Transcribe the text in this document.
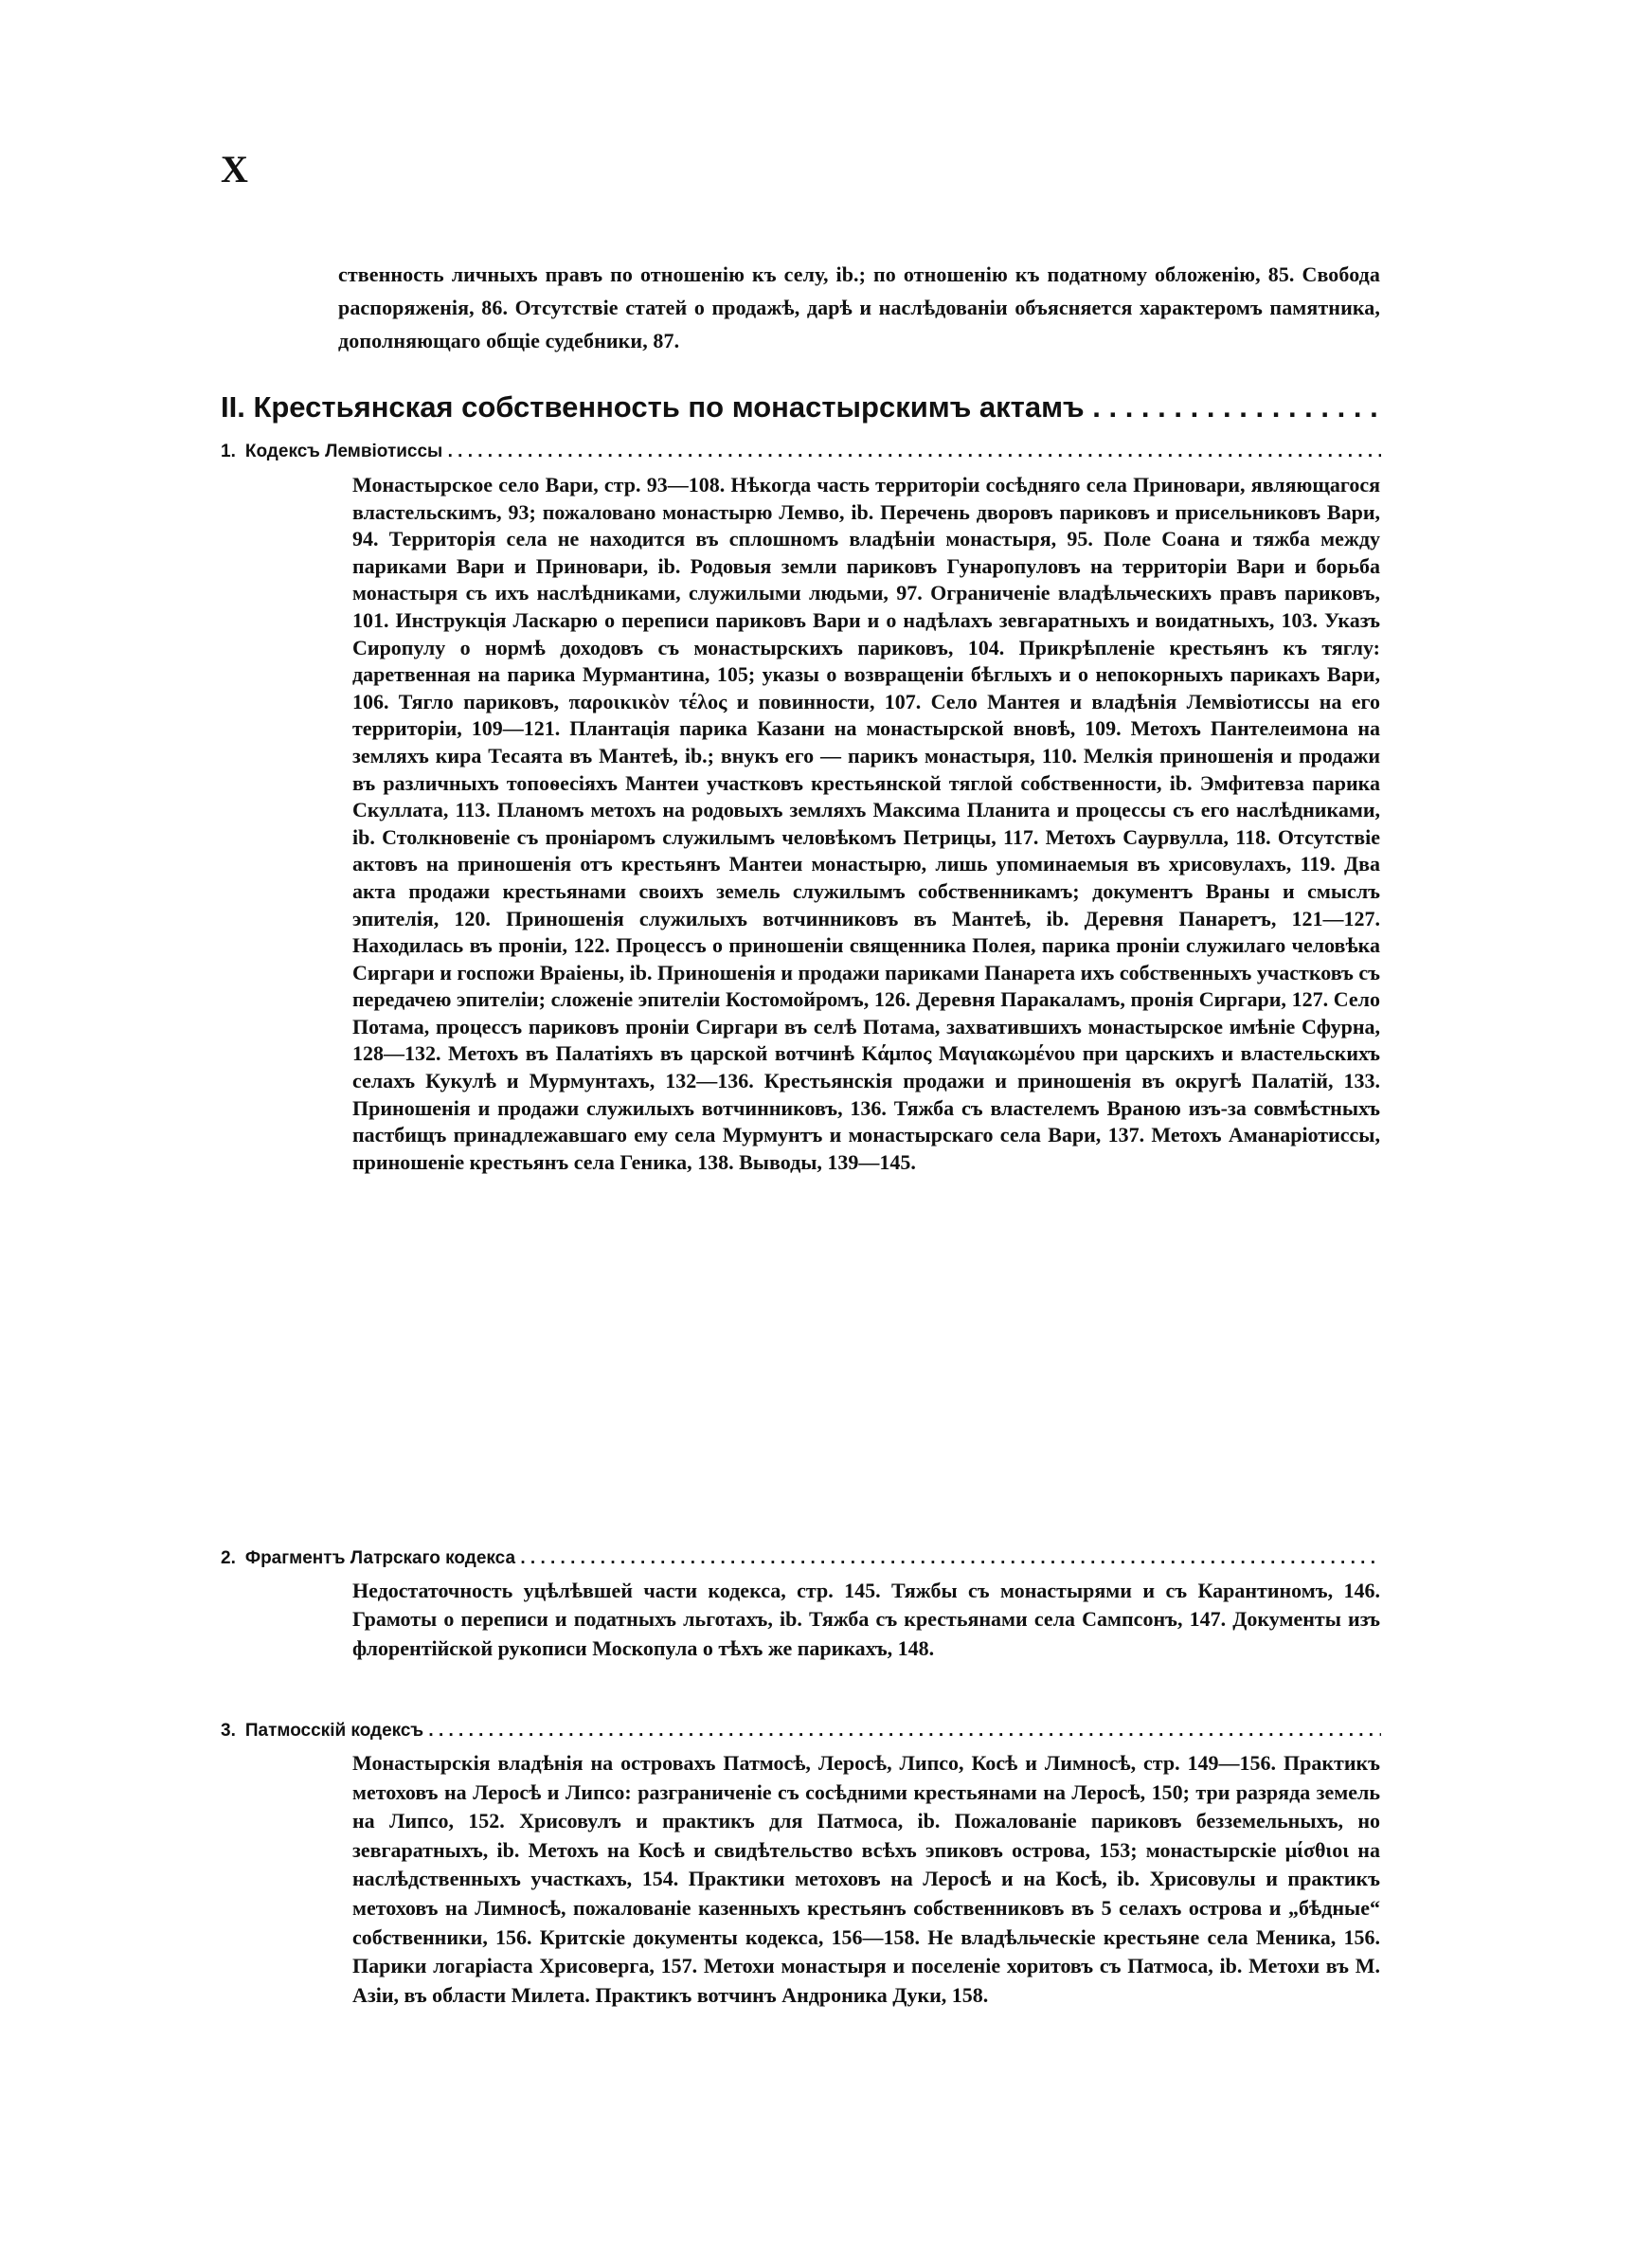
X

ственность личныхъ правъ по отношенію къ селу, ib.; по отношенію къ податному обложенію, 85. Свобода распоряженія, 86. Отсутствіе статей о продажѣ, дарѣ и наслѣдованіи объясняется характеромъ памятника, дополняющаго общіе судебники, 87.

II. Крестьянская собственность по монастырскимъ актамъ . . .
1. Кодексъ Лемвіотиссы . . .

Монастырское село Вари, стр. 93—108. Нѣкогда часть территоріи сосѣдняго села Приновари, являющагося властельскимъ, 93; пожаловано монастырю Лемво, ib. Перечень дворовъ париковъ и присельниковъ Вари, 94. Территорія села не находится въ сплошномъ владѣніи монастыря, 95. Поле Соана и тяжба между париками Вари и Приновари, ib. Родовыя земли париковъ Гунаропуловъ на территоріи Вари и борьба монастыря съ ихъ наслѣдниками, служилыми людьми, 97. Ограниченіе владѣльческихъ правъ париковъ, 101. Инструкція Ласкарю о переписи париковъ Вари и о надѣлахъ зевгаратныхъ и воидатныхъ, 103. Указъ Сиропулу о нормѣ доходовъ съ монастырскихъ париковъ, 104. Прикрѣпленіе крестьянъ къ тяглу: даретвенная на парика Мурмантина, 105; указы о возвращеніи бѣглыхъ и о непокорныхъ парикахъ Вари, 106. Тягло париковъ, παροικικὸν τέλος и повинности, 107. Село Мантея и владѣнія Лемвіотиссы на его территоріи, 109—121. Плантація парика Казани на монастырской вновѣ, 109. Метохъ Пантелеимона на земляхъ кира Тесаята въ Мантеѣ, ib.; внукъ его — парикъ монастыря, 110. Мелкія приношенія и продажи въ различныхъ топоѳесіяхъ Мантеи участковъ крестьянской тяглой собственности, ib. Эмфитевза парика Скуллата, 113. Планомъ метохъ на родовыхъ земляхъ Максима Планита и процессы съ его наслѣдниками, ib. Столкновеніе съ проніаромъ служилымъ человѣкомъ Петрицы, 117. Метохъ Саурвулла, 118. Отсутствіе актовъ на приношенія отъ крестьянъ Мантеи монастырю, лишь упоминаемыя въ хрисовулахъ, 119. Два акта продажи крестьянами своихъ земель служилымъ собственникамъ; документъ Враны и смыслъ эпителія, 120. Приношенія служилыхъ вотчинниковъ въ Мантеѣ, ib. Деревня Панаретъ, 121—127. Находилась въ проніи, 122. Процессъ о приношеніи священника Полея, парика проніи служилаго человѣка Сиргари и госпожи Враіены, ib. Приношенія и продажи париками Панарета ихъ собственныхъ участковъ съ передачею эпителіи; сложеніе эпителіи Костомойромъ, 126. Деревня Паракаламъ, пронія Сиргари, 127. Село Потама, процессъ париковъ проніи Сиргари въ селѣ Потама, захватившихъ монастырское имѣніе Сфурна, 128—132. Метохъ въ Палатіяхъ въ царской вотчинѣ Κάμπος Μαγιακωμένου при царскихъ и властельскихъ селахъ Кукулѣ и Мурмунтахъ, 132—136. Крестьянскія продажи и приношенія въ округѣ Палатій, 133. Приношенія и продажи служилыхъ вотчинниковъ, 136. Тяжба съ властелемъ Враною изъ-за совмѣстныхъ пастбищъ принадлежавшаго ему села Мурмунтъ и монастырскаго села Вари, 137. Метохъ Аманаріотиссы, приношеніе крестьянъ села Геника, 138. Выводы, 139—145.

2. Фрагментъ Латрскаго кодекса . . .

Недостаточность уцѣлѣвшей части кодекса, стр. 145. Тяжбы съ монастырями и съ Карантиномъ, 146. Грамоты о переписи и податныхъ льготахъ, ib. Тяжба съ крестьянами села Сампсонъ, 147. Документы изъ флорентійской рукописи Москопула о тѣхъ же парикахъ, 148.

3. Патмосскій кодексъ . . .

Монастырскія владѣнія на островахъ Патмосѣ, Леросѣ, Липсо, Косѣ и Лимносѣ, стр. 149—156. Практикъ метоховъ на Леросѣ и Липсо: разграниченіе съ сосѣдними крестьянами на Леросѣ, 150; три разряда земель на Липсо, 152. Хрисовулъ и практикъ для Патмоса, ib. Пожалованіе париковъ безземельныхъ, но зевгаратныхъ, ib. Метохъ на Косѣ и свидѣтельство всѣхъ эпиковъ острова, 153; монастырскіе μίσθιοι на наслѣдственныхъ участкахъ, 154. Практики метоховъ на Леросѣ и на Косѣ, ib. Хрисовулы и практикъ метоховъ на Лимносѣ, пожалованіе казенныхъ крестьянъ собственниковъ въ 5 селахъ острова и „бѣдные“ собственники, 156. Критскіе документы кодекса, 156—158. Не владѣльческіе крестьяне села Меника, 156. Парики логаріаста Хрисоверга, 157. Метохи монастыря и поселеніе хоритовъ съ Патмоса, ib. Метохи въ М. Азіи, въ области Милета. Практикъ вотчинъ Андроника Дуки, 158.
